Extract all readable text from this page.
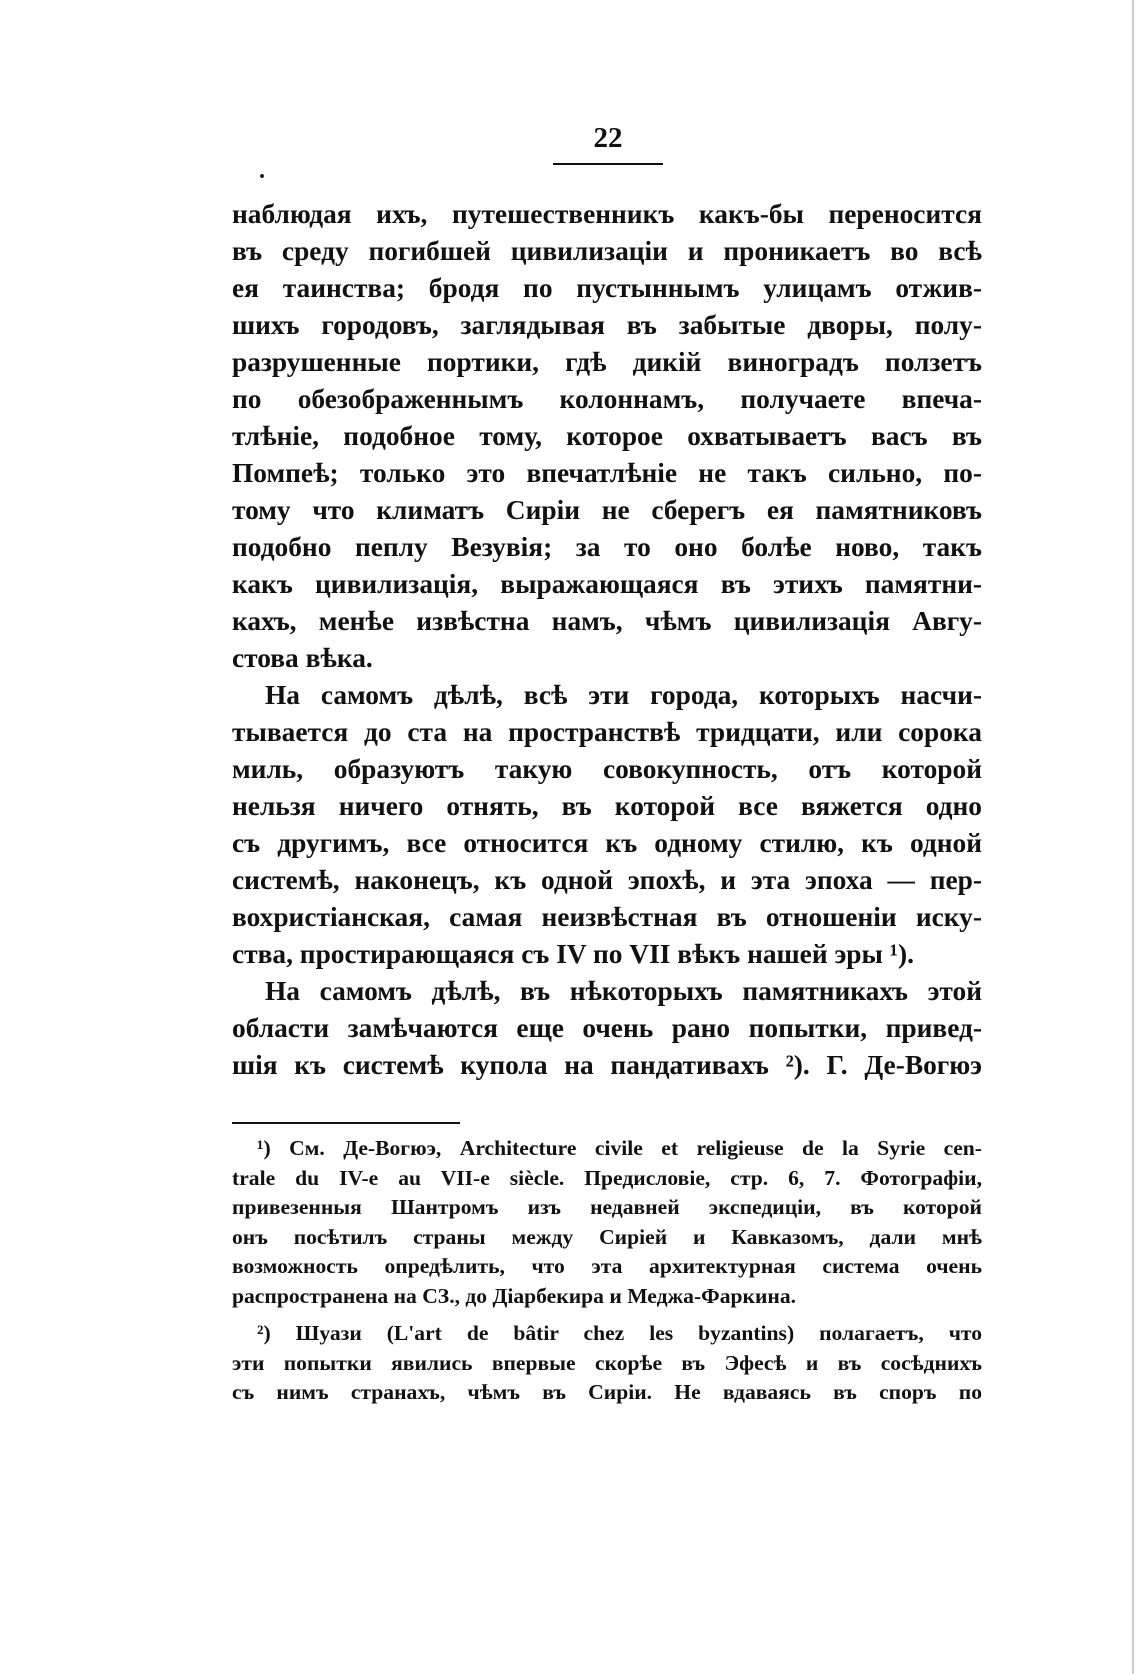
22
наблюдая ихъ, путешественникъ какъ-бы переносится
въ среду погибшей цивилизаціи и проникаетъ во всѣ
ея таинства; бродя по пустыннымъ улицамъ отжив-
шихъ городовъ, заглядывая въ забытые дворы, полу-
разрушенные портики, гдѣ дикій виноградъ ползетъ
по обезображеннымъ колоннамъ, получаете впеча-
тлѣніе, подобное тому, которое охватываетъ васъ въ
Помпеѣ; только это впечатлѣніе не такъ сильно, по-
тому что климатъ Сиріи не сберегъ ея памятниковъ
подобно пеплу Везувія; за то оно болѣе ново, такъ
какъ цивилизація, выражающаяся въ этихъ памятни-
кахъ, менѣе извѣстна намъ, чѣмъ цивилизація Авгу-
стова вѣка.
На самомъ дѣлѣ, всѣ эти города, которыхъ насчи-
тывается до ста на пространствѣ тридцати, или сорока
миль, образуютъ такую совокупность, отъ которой
нельзя ничего отнять, въ которой все вяжется одно
съ другимъ, все относится къ одному стилю, къ одной
системѣ, наконецъ, къ одной эпохѣ, и эта эпоха — пер-
вохристіанская, самая неизвѣстная въ отношеніи иску-
ства, простирающаяся съ IV по VII вѣкъ нашей эры ¹).
На самомъ дѣлѣ, въ нѣкоторыхъ памятникахъ этой
области замѣчаются еще очень рано попытки, привед-
шія къ системѣ купола на пандативахъ ²). Г. Де-Вогюэ
¹) См. Де-Вогюэ, Architecture civile et religieuse de la Syrie cen-
trale du IV-e au VII-e siècle. Предисловіе, стр. 6, 7. Фотографіи,
привезенныя Шантромъ изъ недавней экспедиціи, въ которой
онъ посѣтилъ страны между Сиріей и Кавказомъ, дали мнѣ
возможность опредѣлить, что эта архитектурная система очень
распространена на СЗ., до Діарбекира и Меджа-Фаркина.
²) Шуази (L'art de bâtir chez les byzantins) полагаетъ, что
эти попытки явились впервые скорѣе въ Эфесѣ и въ сосѣднихъ
съ нимъ странахъ, чѣмъ въ Сиріи. Не вдаваясь въ споръ по
